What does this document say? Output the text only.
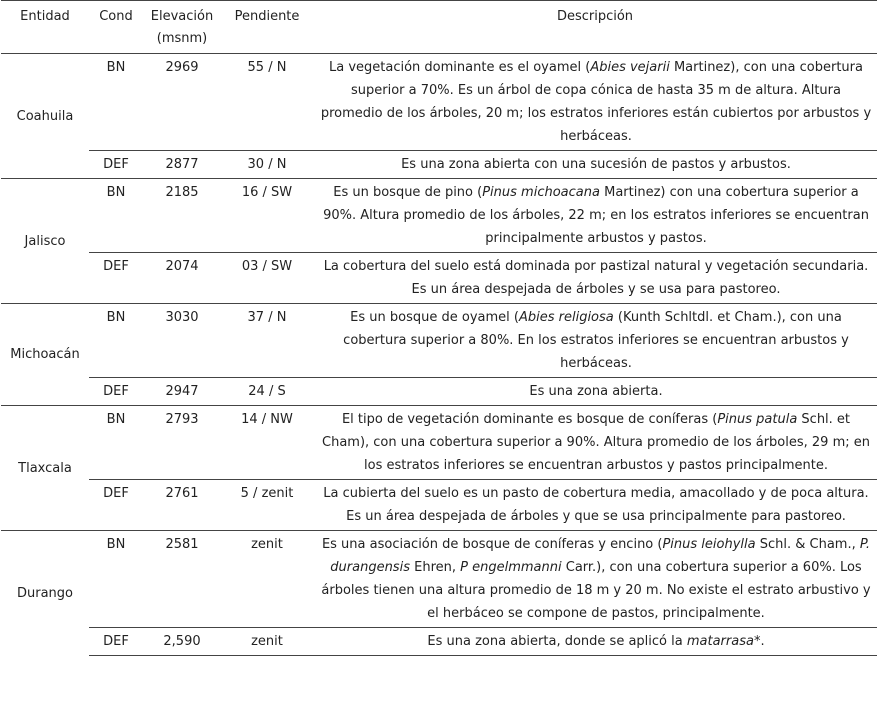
Entidad	Cond	Elevación (msnm)	Pendiente	Descripción
Coahuila	BN	2969	55 / N	La vegetación dominante es el oyamel (Abies vejarii Martinez), con una cobertura superior a 70%. Es un árbol de copa cónica de hasta 35 m de altura. Altura promedio de los árboles, 20 m; los estratos inferiores están cubiertos por arbustos y herbáceas.
	DEF	2877	30 / N	Es una zona abierta con una sucesión de pastos y arbustos.
Jalisco	BN	2185	16 / SW	Es un bosque de pino (Pinus michoacana Martinez) con una cobertura superior a 90%. Altura promedio de los árboles, 22 m; en los estratos inferiores se encuentran principalmente arbustos y pastos.
	DEF	2074	03 / SW	La cobertura del suelo está dominada por pastizal natural y vegetación secundaria. Es un área despejada de árboles y se usa para pastoreo.
Michoacán	BN	3030	37 / N	Es un bosque de oyamel (Abies religiosa (Kunth Schltdl. et Cham.), con una cobertura superior a 80%. En los estratos inferiores se encuentran arbustos y herbáceas.
	DEF	2947	24 / S	Es una zona abierta.
Tlaxcala	BN	2793	14 / NW	El tipo de vegetación dominante es bosque de coníferas (Pinus patula Schl. et Cham), con una cobertura superior a 90%. Altura promedio de los árboles, 29 m; en los estratos inferiores se encuentran arbustos y pastos principalmente.
	DEF	2761	5 / zenit	La cubierta del suelo es un pasto de cobertura media, amacollado y de poca altura. Es un área despejada de árboles y que se usa principalmente para pastoreo.
Durango	BN	2581	zenit	Es una asociación de bosque de coníferas y encino (Pinus leiohylla Schl. & Cham., P. durangensis Ehren, P engelmmanni Carr.), con una cobertura superior a 60%. Los árboles tienen una altura promedio de 18 m y 20 m. No existe el estrato arbustivo y el herbáceo se compone de pastos, principalmente.
	DEF	2,590	zenit	Es una zona abierta, donde se aplicó la matarrasa*.
